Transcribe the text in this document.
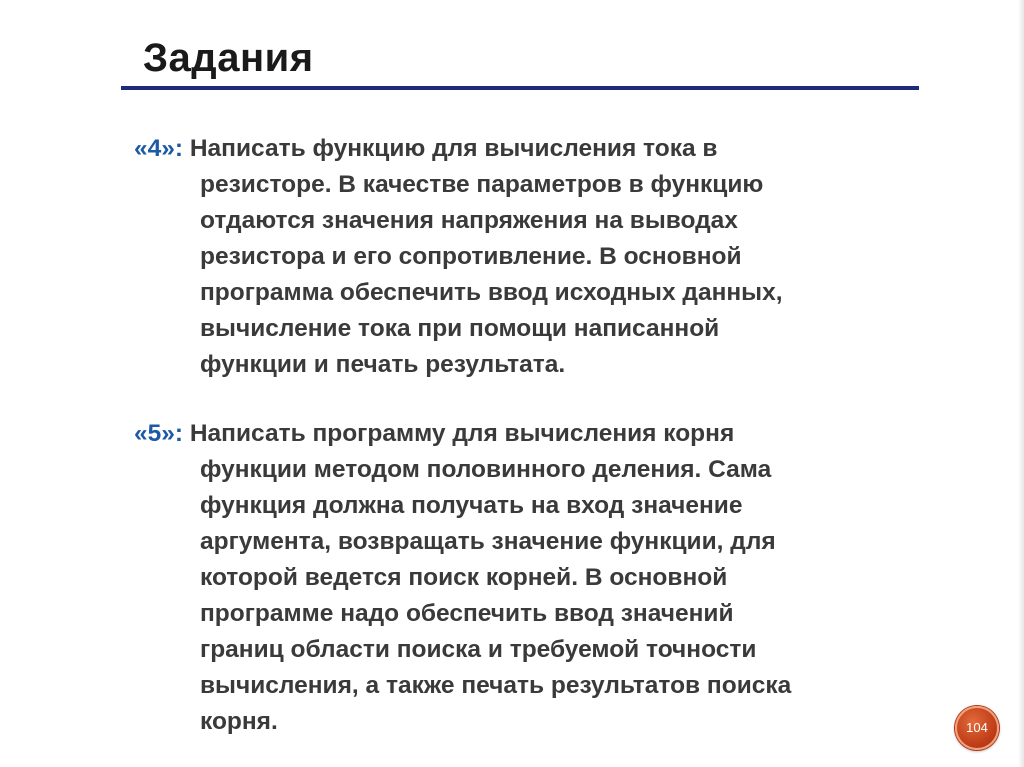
Задания
«4»: Написать функцию для вычисления тока в
резисторе. В качестве параметров в функцию
отдаются значения напряжения на выводах
резистора и его сопротивление. В основной
программа обеспечить ввод исходных данных,
вычисление тока при помощи написанной
функции и печать результата.
«5»: Написать программу для вычисления корня
функции методом половинного деления. Сама
функция должна получать на вход значение
аргумента, возвращать значение функции, для
которой ведется поиск корней. В основной
программе надо обеспечить ввод значений
границ области поиска и требуемой точности
вычисления, а также печать результатов поиска
корня.	104
